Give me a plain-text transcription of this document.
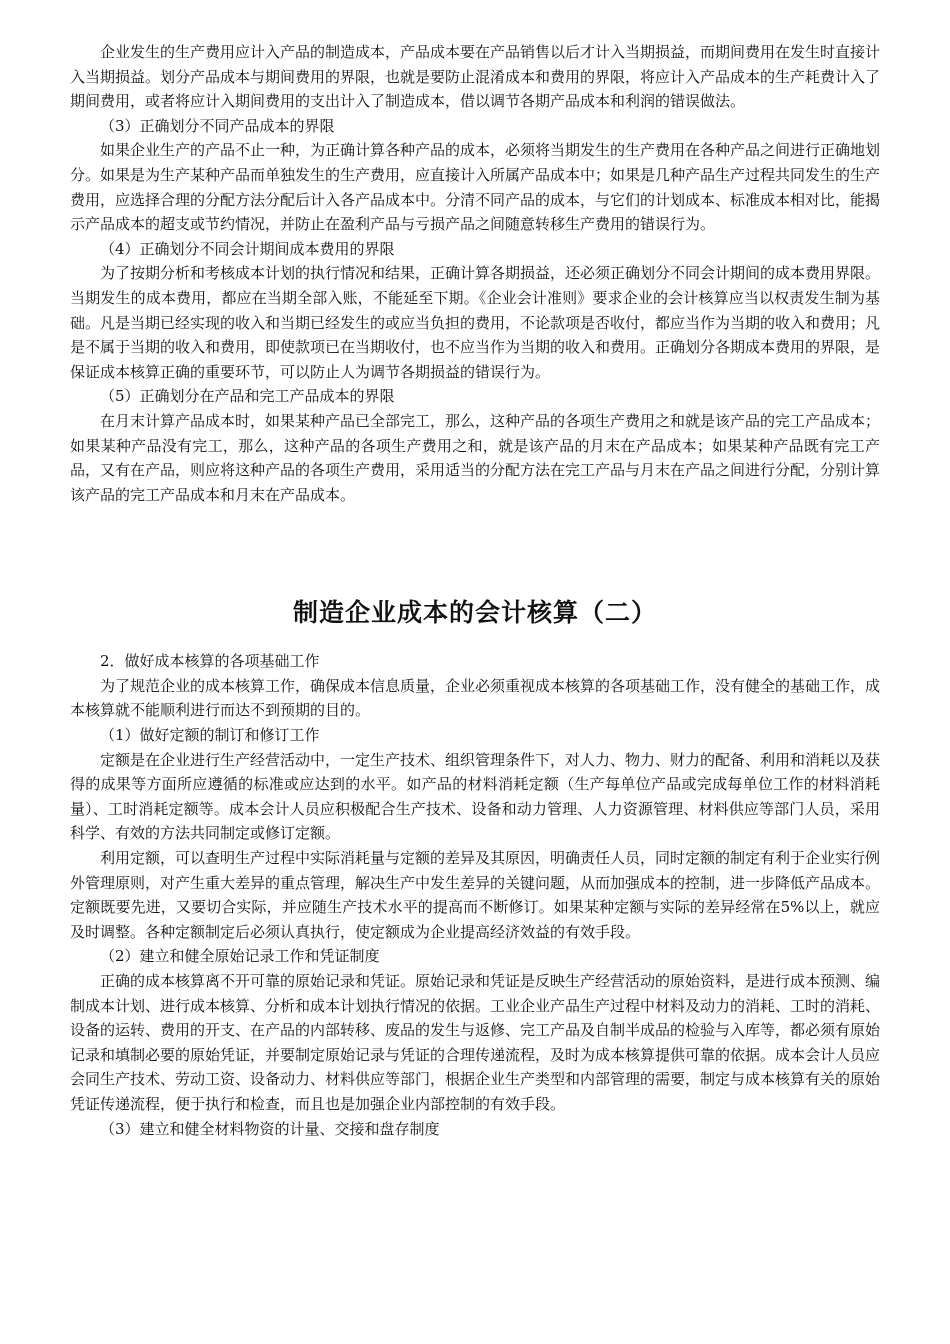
企业发生的生产费用应计入产品的制造成本，产品成本要在产品销售以后才计入当期损益，而期间费用在发生时直接计入当期损益。划分产品成本与期间费用的界限，也就是要防止混淆成本和费用的界限，将应计入产品成本的生产耗费计入了期间费用，或者将应计入期间费用的支出计入了制造成本，借以调节各期产品成本和利润的错误做法。

（3）正确划分不同产品成本的界限

如果企业生产的产品不止一种，为正确计算各种产品的成本，必须将当期发生的生产费用在各种产品之间进行正确地划分。如果是为生产某种产品而单独发生的生产费用，应直接计入所属产品成本中；如果是几种产品生产过程共同发生的生产费用，应选择合理的分配方法分配后计入各产品成本中。分清不同产品的成本，与它们的计划成本、标准成本相对比，能揭示产品成本的超支或节约情况，并防止在盈利产品与亏损产品之间随意转移生产费用的错误行为。

（4）正确划分不同会计期间成本费用的界限

为了按期分析和考核成本计划的执行情况和结果，正确计算各期损益，还必须正确划分不同会计期间的成本费用界限。当期发生的成本费用，都应在当期全部入账，不能延至下期。《企业会计准则》要求企业的会计核算应当以权责发生制为基础。凡是当期已经实现的收入和当期已经发生的或应当负担的费用，不论款项是否收付，都应当作为当期的收入和费用；凡是不属于当期的收入和费用，即使款项已在当期收付，也不应当作为当期的收入和费用。正确划分各期成本费用的界限，是保证成本核算正确的重要环节，可以防止人为调节各期损益的错误行为。

（5）正确划分在产品和完工产品成本的界限

在月末计算产品成本时，如果某种产品已全部完工，那么，这种产品的各项生产费用之和就是该产品的完工产品成本；如果某种产品没有完工，那么，这种产品的各项生产费用之和，就是该产品的月末在产品成本；如果某种产品既有完工产品，又有在产品，则应将这种产品的各项生产费用，采用适当的分配方法在完工产品与月末在产品之间进行分配，分别计算该产品的完工产品成本和月末在产品成本。

制造企业成本的会计核算（二）

2．做好成本核算的各项基础工作

为了规范企业的成本核算工作，确保成本信息质量，企业必须重视成本核算的各项基础工作，没有健全的基础工作，成本核算就不能顺利进行而达不到预期的目的。

（1）做好定额的制订和修订工作

定额是在企业进行生产经营活动中，一定生产技术、组织管理条件下，对人力、物力、财力的配备、利用和消耗以及获得的成果等方面所应遵循的标准或应达到的水平。如产品的材料消耗定额（生产每单位产品或完成每单位工作的材料消耗量）、工时消耗定额等。成本会计人员应积极配合生产技术、设备和动力管理、人力资源管理、材料供应等部门人员，采用科学、有效的方法共同制定或修订定额。

利用定额，可以查明生产过程中实际消耗量与定额的差异及其原因，明确责任人员，同时定额的制定有利于企业实行例外管理原则，对产生重大差异的重点管理，解决生产中发生差异的关键问题，从而加强成本的控制，进一步降低产品成本。定额既要先进，又要切合实际，并应随生产技术水平的提高而不断修订。如果某种定额与实际的差异经常在5%以上，就应及时调整。各种定额制定后必须认真执行，使定额成为企业提高经济效益的有效手段。

（2）建立和健全原始记录工作和凭证制度

正确的成本核算离不开可靠的原始记录和凭证。原始记录和凭证是反映生产经营活动的原始资料，是进行成本预测、编制成本计划、进行成本核算、分析和成本计划执行情况的依据。工业企业产品生产过程中材料及动力的消耗、工时的消耗、设备的运转、费用的开支、在产品的内部转移、废品的发生与返修、完工产品及自制半成品的检验与入库等，都必须有原始记录和填制必要的原始凭证，并要制定原始记录与凭证的合理传递流程，及时为成本核算提供可靠的依据。成本会计人员应会同生产技术、劳动工资、设备动力、材料供应等部门，根据企业生产类型和内部管理的需要，制定与成本核算有关的原始凭证传递流程，便于执行和检查，而且也是加强企业内部控制的有效手段。

（3）建立和健全材料物资的计量、交接和盘存制度
